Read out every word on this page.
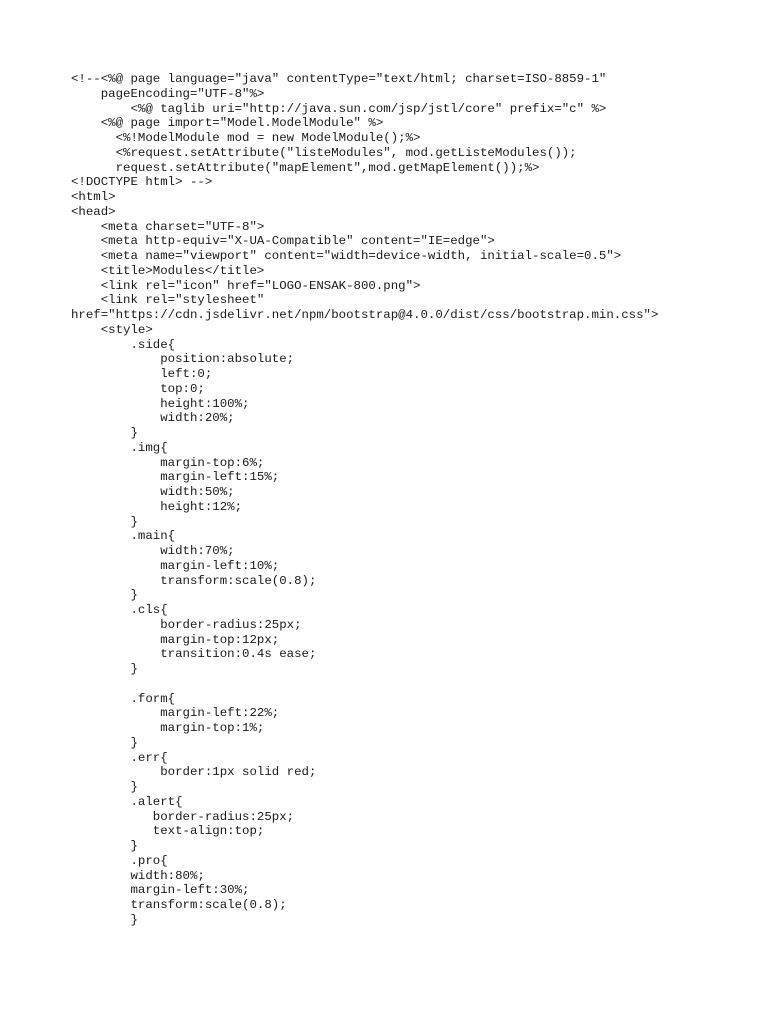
<!--<%@ page language="java" contentType="text/html; charset=ISO-8859-1"
pageEncoding="UTF-8"%>
<%@ taglib uri="http://java.sun.com/jsp/jstl/core" prefix="c" %>
<%@ page import="Model.ModelModule" %>
<%!ModelModule mod = new ModelModule();%>
<%request.setAttribute("listeModules", mod.getListeModules());
request.setAttribute("mapElement",mod.getMapElement());%>
<!DOCTYPE html> -->
<html>
<head>
<meta charset="UTF-8">
<meta http-equiv="X-UA-Compatible" content="IE=edge">
<meta name="viewport" content="width=device-width, initial-scale=0.5">
<title>Modules</title>
<link rel="icon" href="LOGO-ENSAK-800.png">
<link rel="stylesheet"
href="https://cdn.jsdelivr.net/npm/bootstrap@4.0.0/dist/css/bootstrap.min.css">
<style>
.side{
position:absolute;
left:0;
top:0;
height:100%;
width:20%;
}
.img{
margin-top:6%;
margin-left:15%;
width:50%;
height:12%;
}
.main{
width:70%;
margin-left:10%;
transform:scale(0.8);
}
.cls{
border-radius:25px;
margin-top:12px;
transition:0.4s ease;
}
.form{
margin-left:22%;
margin-top:1%;
}
.err{
border:1px solid red;
}
.alert{
border-radius:25px;
text-align:top;
}
.pro{
width:80%;
margin-left:30%;
transform:scale(0.8);
}
